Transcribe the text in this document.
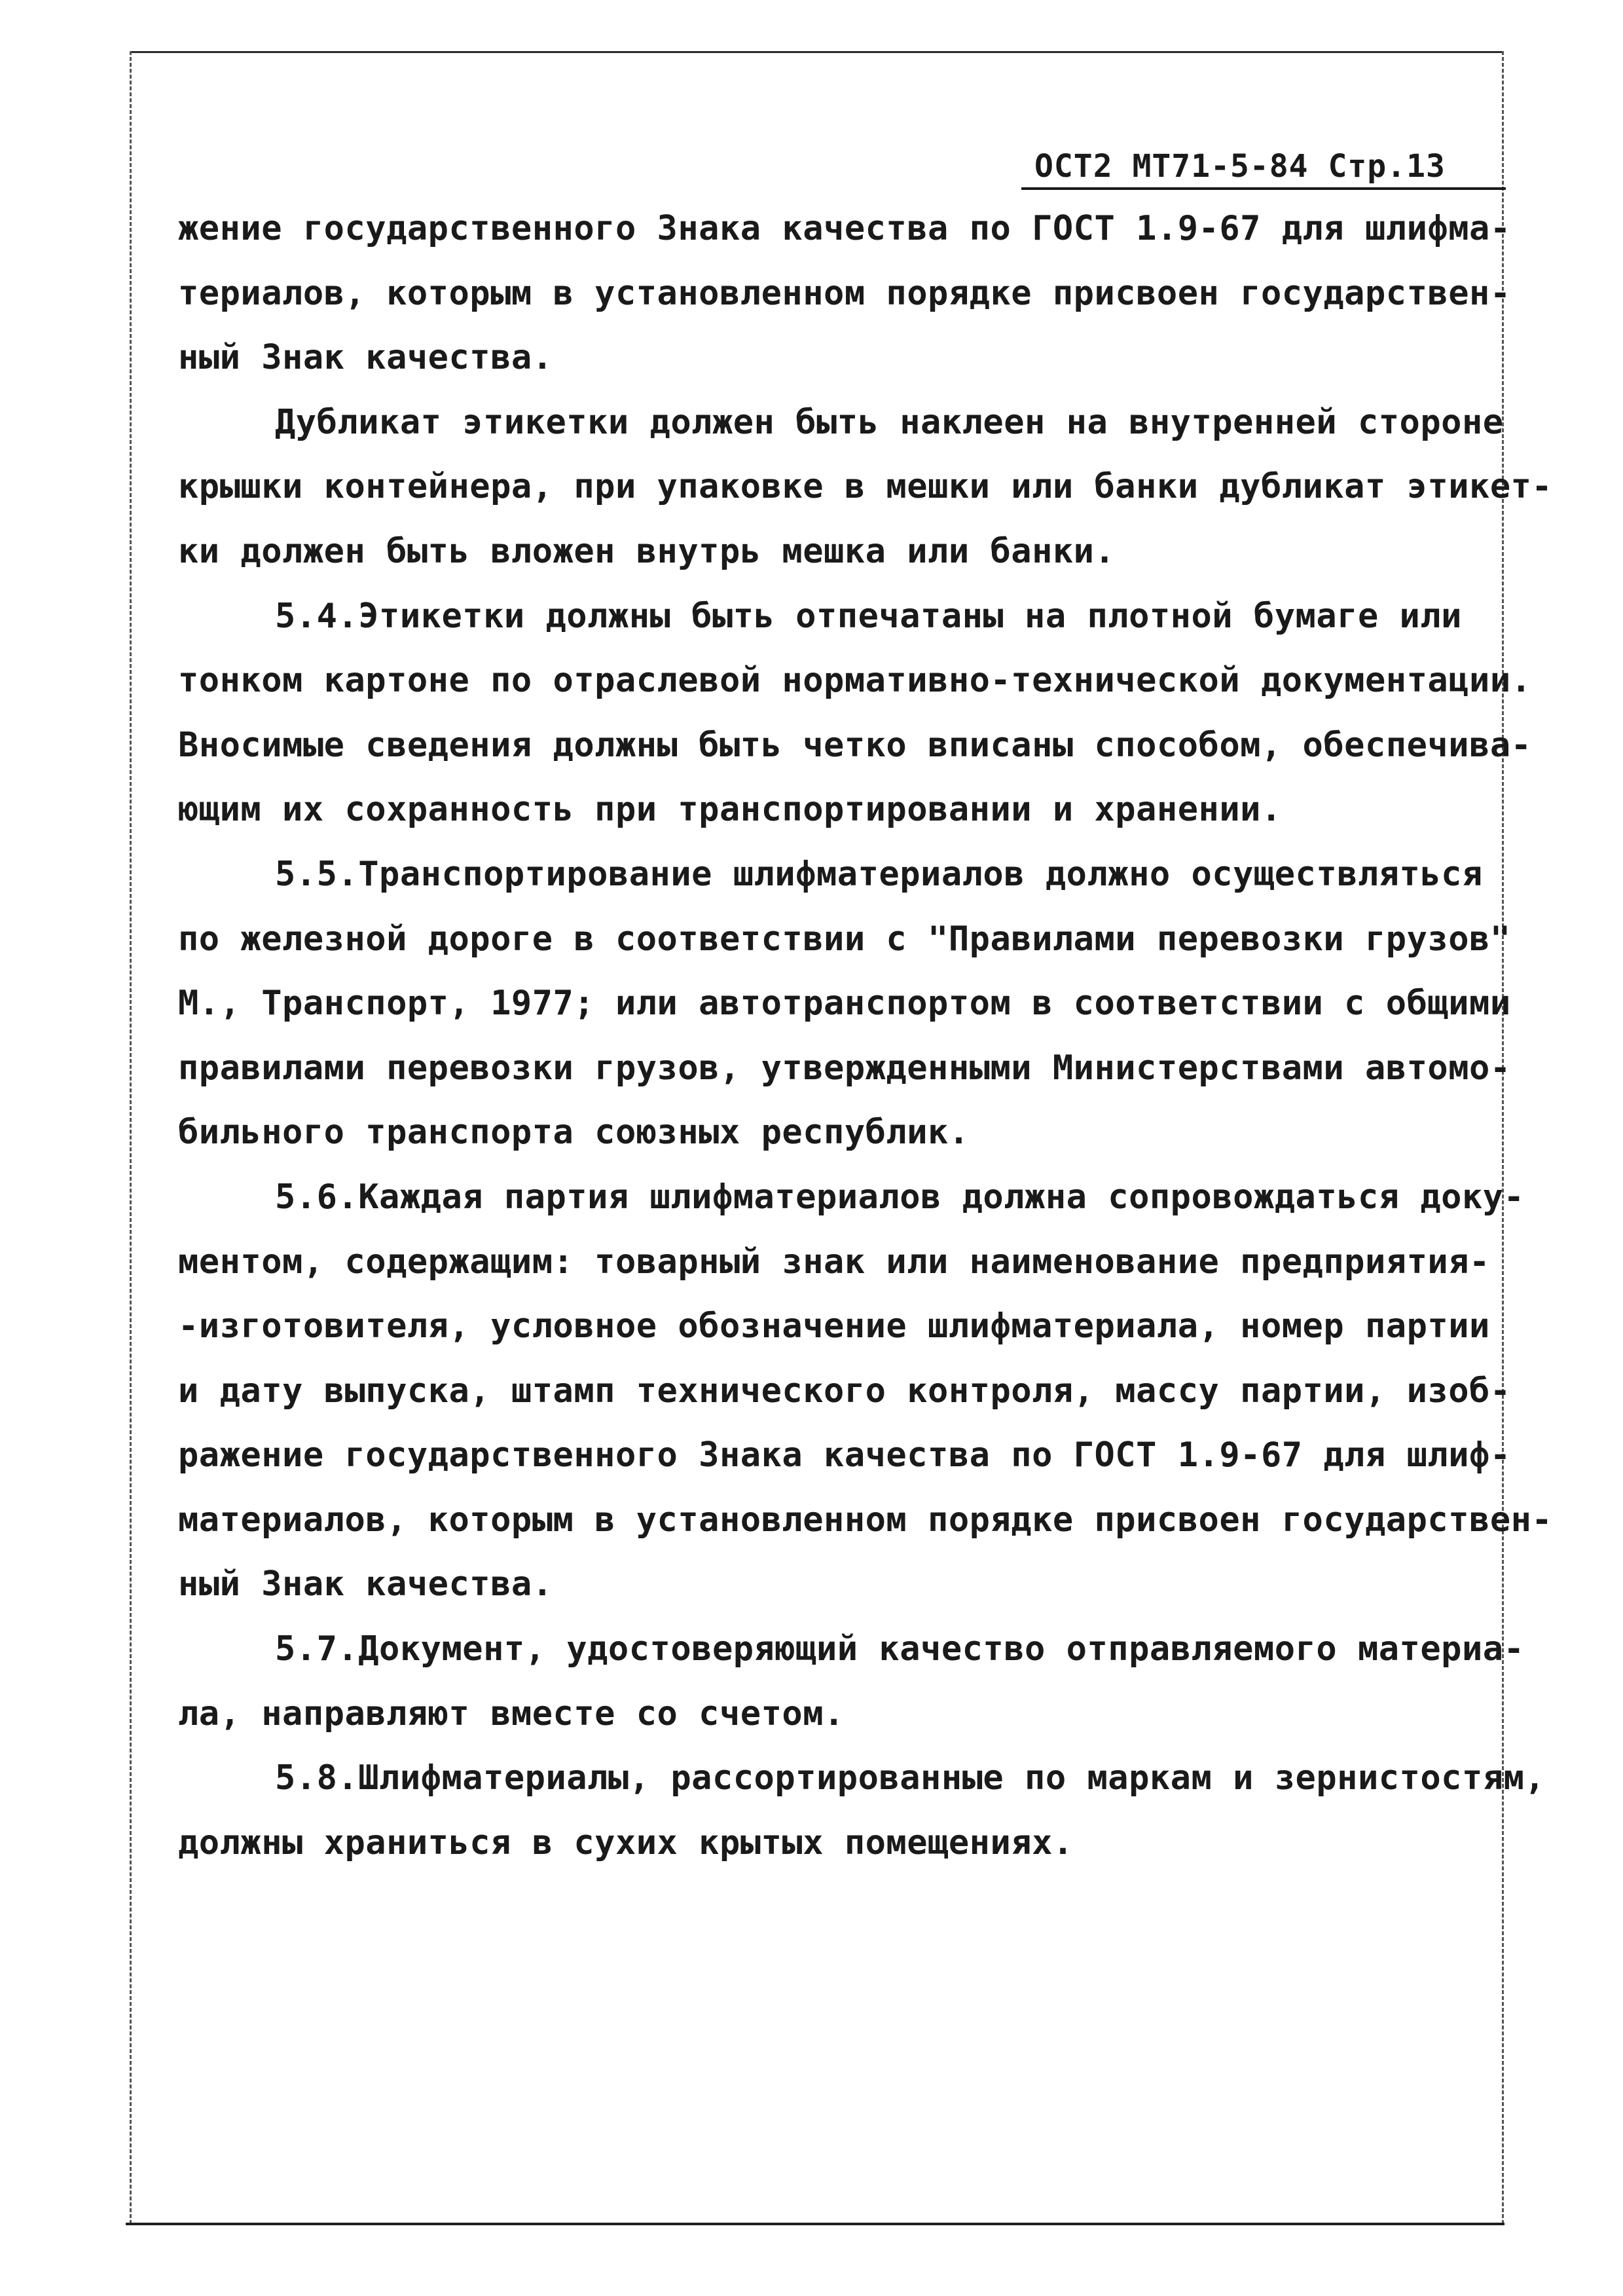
ОСТ2 МТ71-5-84 Стр.13
жение государственного Знака качества по ГОСТ 1.9-67 для шлифма-
териалов, которым в установленном порядке присвоен государствен-
ный Знак качества.
Дубликат этикетки должен быть наклеен на внутренней стороне
крышки контейнера, при упаковке в мешки или банки дубликат этикет-
ки должен быть вложен внутрь мешка или банки.
5.4.Этикетки должны быть отпечатаны на плотной бумаге или
тонком картоне по отраслевой нормативно-технической документации.
Вносимые сведения должны быть четко вписаны способом, обеспечива-
ющим их сохранность при транспортировании и хранении.
5.5.Транспортирование шлифматериалов должно осуществляться
по железной дороге в соответствии с "Правилами перевозки грузов"
М., Транспорт, 1977; или автотранспортом в соответствии с общими
правилами перевозки грузов, утвержденными Министерствами автомо-
бильного транспорта союзных республик.
5.6.Каждая партия шлифматериалов должна сопровождаться доку-
ментом, содержащим: товарный знак или наименование предприятия-
-изготовителя, условное обозначение шлифматериала, номер партии
и дату выпуска, штамп технического контроля, массу партии, изоб-
ражение государственного Знака качества по ГОСТ 1.9-67 для шлиф-
материалов, которым в установленном порядке присвоен государствен-
ный Знак качества.
5.7.Документ, удостоверяющий качество отправляемого материа-
ла, направляют вместе со счетом.
5.8.Шлифматериалы, рассортированные по маркам и зернистостям,
должны храниться в сухих крытых помещениях.
